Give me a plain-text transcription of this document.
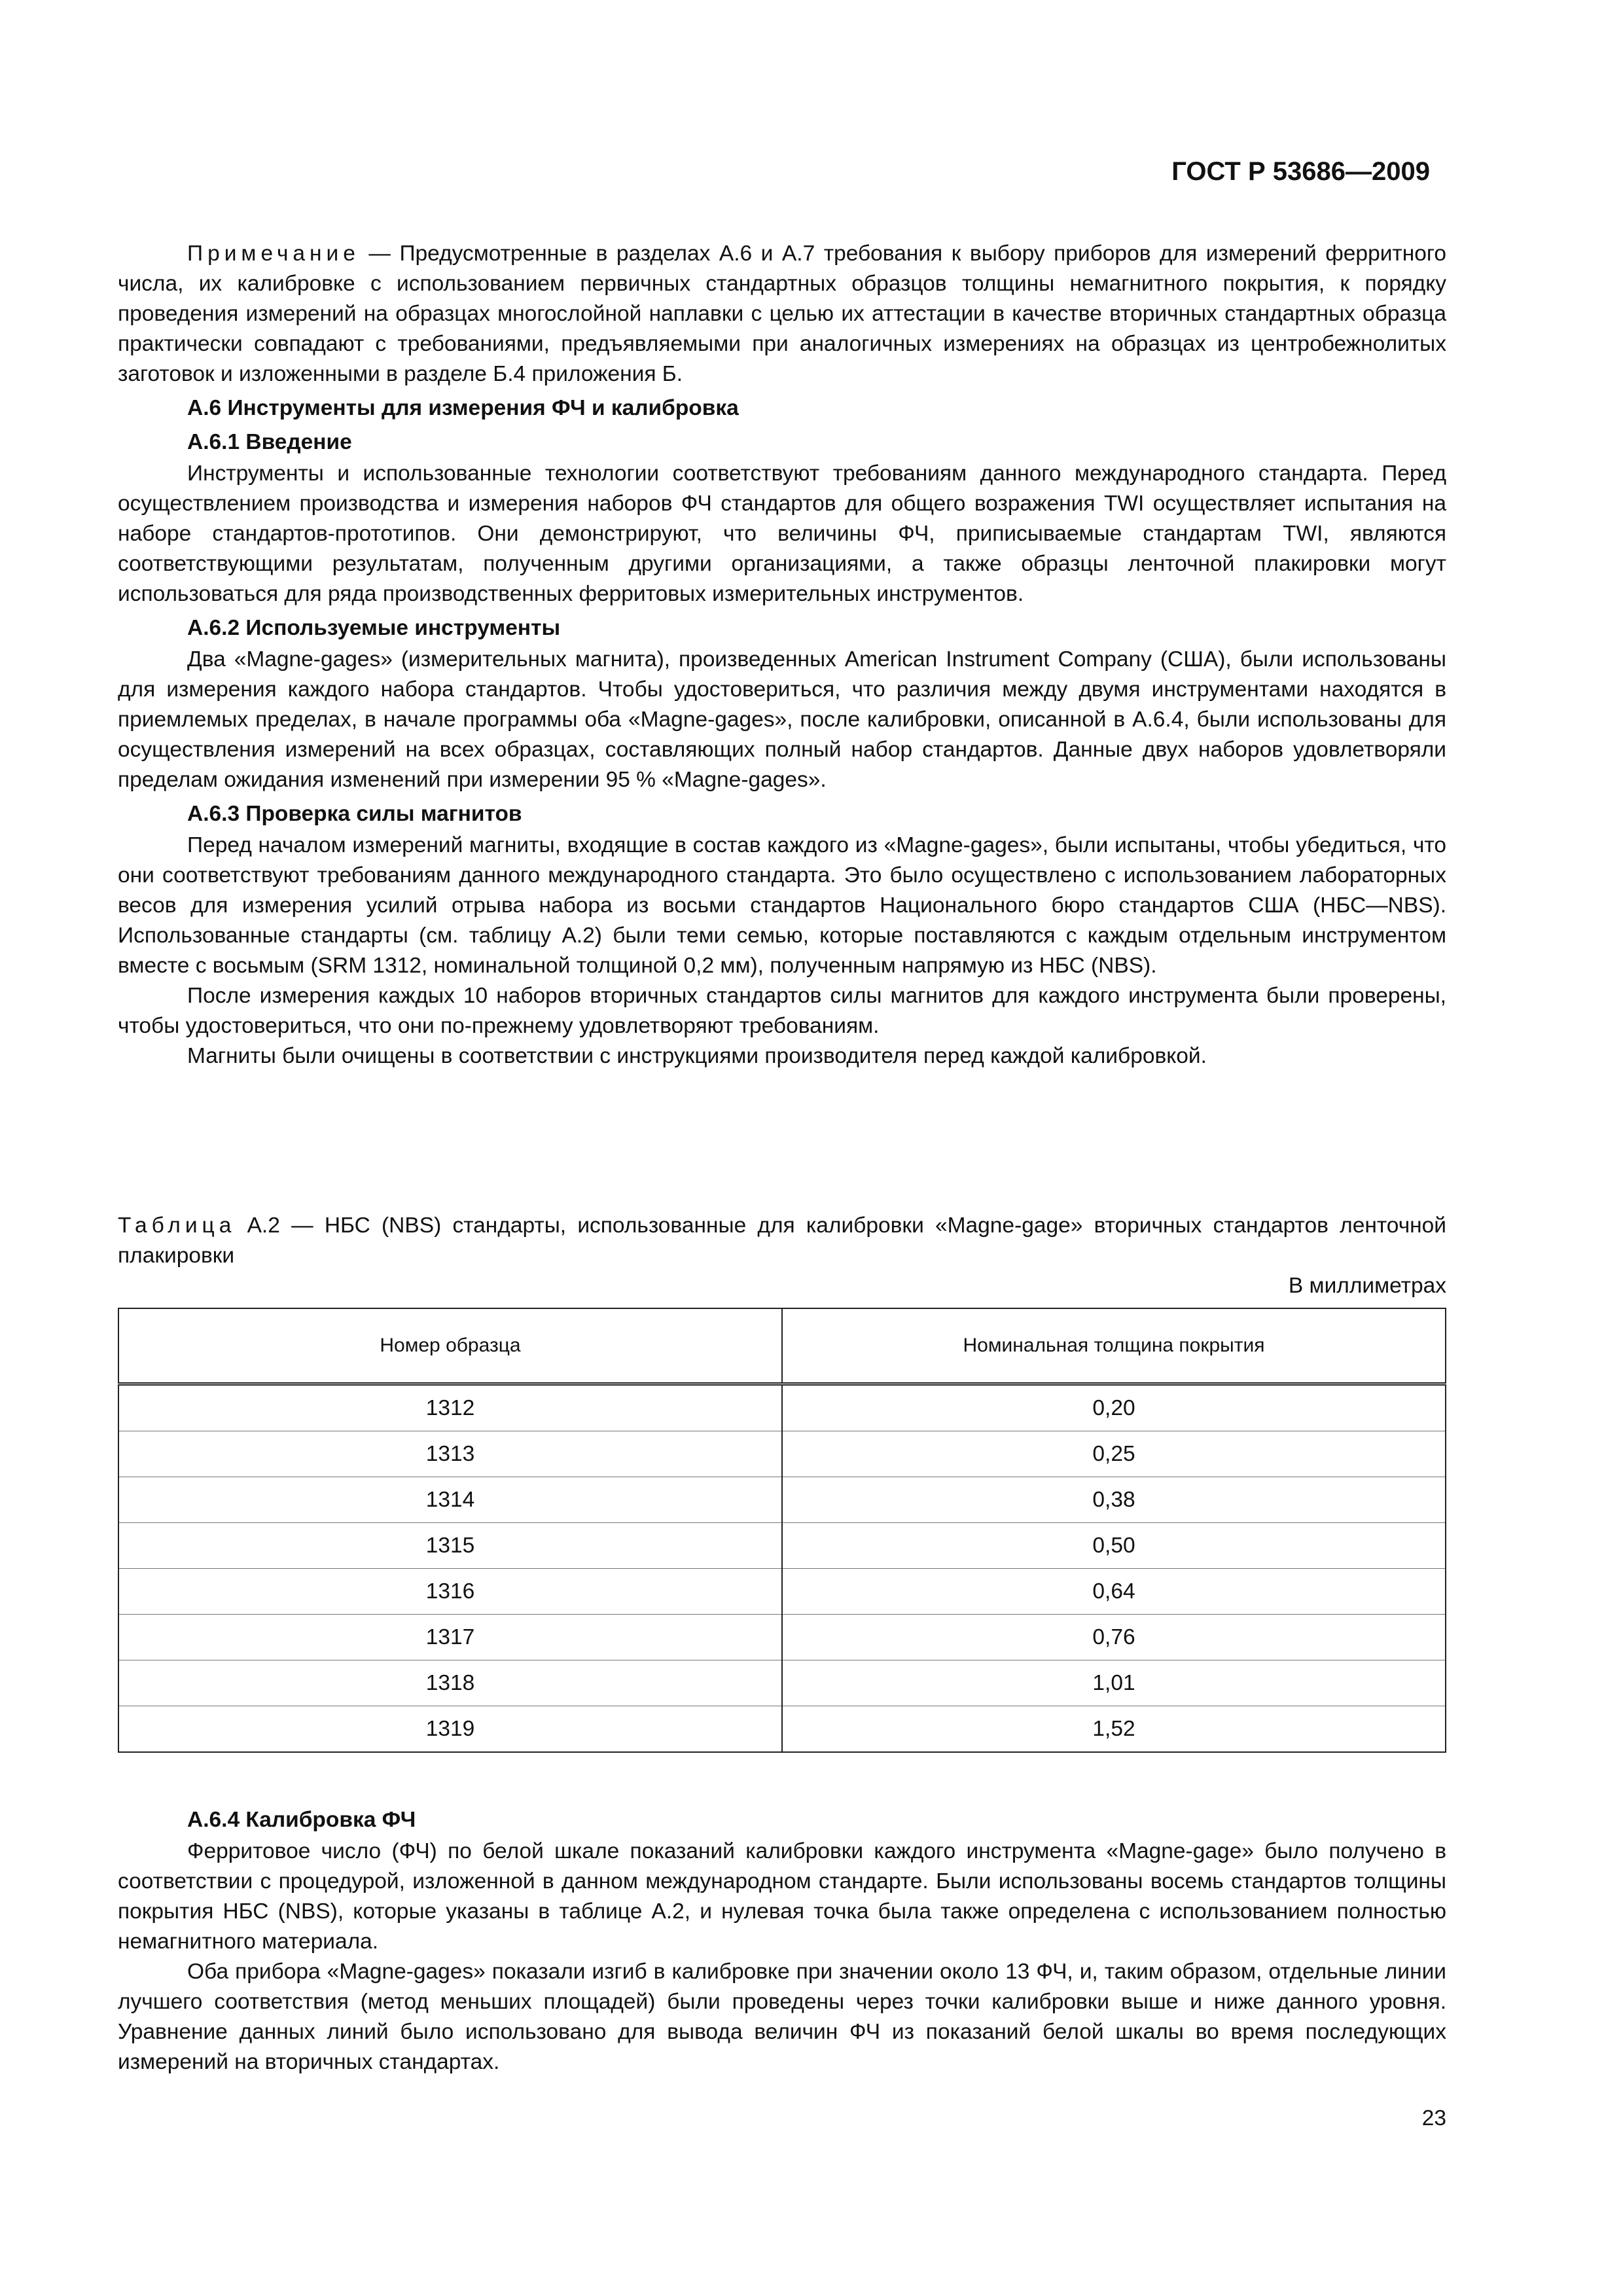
ГОСТ Р 53686—2009

Примечание — Предусмотренные в разделах А.6 и А.7 требования к выбору приборов для измерений ферритного числа, их калибровке с использованием первичных стандартных образцов толщины немагнитного покрытия, к порядку проведения измерений на образцах многослойной наплавки с целью их аттестации в качестве вторичных стандартных образца практически совпадают с требованиями, предъявляемыми при аналогичных измерениях на образцах из центробежнолитых заготовок и изложенными в разделе Б.4 приложения Б.

А.6 Инструменты для измерения ФЧ и калибровка
А.6.1 Введение

Инструменты и использованные технологии соответствуют требованиям данного международного стандарта. Перед осуществлением производства и измерения наборов ФЧ стандартов для общего возражения TWI осуществляет испытания на наборе стандартов-прототипов. Они демонстрируют, что величины ФЧ, приписываемые стандартам TWI, являются соответствующими результатам, полученным другими организациями, а также образцы ленточной плакировки могут использоваться для ряда производственных ферритовых измерительных инструментов.

А.6.2 Используемые инструменты

Два «Magne-gages» (измерительных магнита), произведенных American Instrument Company (США), были использованы для измерения каждого набора стандартов. Чтобы удостовериться, что различия между двумя инструментами находятся в приемлемых пределах, в начале программы оба «Magne-gages», после калибровки, описанной в А.6.4, были использованы для осуществления измерений на всех образцах, составляющих полный набор стандартов. Данные двух наборов удовлетворяли пределам ожидания изменений при измерении 95 % «Magne-gages».

А.6.3 Проверка силы магнитов

Перед началом измерений магниты, входящие в состав каждого из «Magne-gages», были испытаны, чтобы убедиться, что они соответствуют требованиям данного международного стандарта. Это было осуществлено с использованием лабораторных весов для измерения усилий отрыва набора из восьми стандартов Национального бюро стандартов США (НБС—NBS). Использованные стандарты (см. таблицу А.2) были теми семью, которые поставляются с каждым отдельным инструментом вместе с восьмым (SRM 1312, номинальной толщиной 0,2 мм), полученным напрямую из НБС (NBS).

После измерения каждых 10 наборов вторичных стандартов силы магнитов для каждого инструмента были проверены, чтобы удостовериться, что они по-прежнему удовлетворяют требованиям.

Магниты были очищены в соответствии с инструкциями производителя перед каждой калибровкой.

Таблица А.2 — НБС (NBS) стандарты, использованные для калибровки «Magne-gage» вторичных стандартов ленточной плакировки
В миллиметрах
Номер образца	Номинальная толщина покрытия
1312	0,20
1313	0,25
1314	0,38
1315	0,50
1316	0,64
1317	0,76
1318	1,01
1319	1,52
А.6.4 Калибровка ФЧ

Ферритовое число (ФЧ) по белой шкале показаний калибровки каждого инструмента «Magne-gage» было получено в соответствии с процедурой, изложенной в данном международном стандарте. Были использованы восемь стандартов толщины покрытия НБС (NBS), которые указаны в таблице А.2, и нулевая точка была также определена с использованием полностью немагнитного материала.

Оба прибора «Magne-gages» показали изгиб в калибровке при значении около 13 ФЧ, и, таким образом, отдельные линии лучшего соответствия (метод меньших площадей) были проведены через точки калибровки выше и ниже данного уровня. Уравнение данных линий было использовано для вывода величин ФЧ из показаний белой шкалы во время последующих измерений на вторичных стандартах.

23
